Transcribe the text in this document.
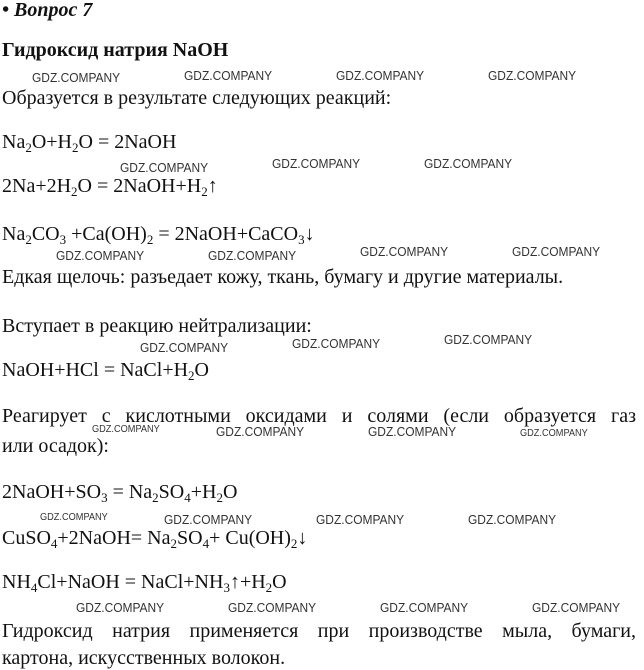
• Вопрос 7
Гидроксид натрия NaOH
Образуется в результате следующих реакций:
$Na_2O+H_2O$ = 2NaOH
$2Na+2H_2O$ = $2NaOH+H_2↑$
$Na_2CO_3 +Ca(OH)_2$ = 2NaOH+CaCO$_3$↓
Едкая щелочь: разъедает кожу, ткань, бумагу и другие материалы.
Вступает в реакцию нейтрализации:
NaOH+HCl = $NaCl+H_2O$
Реагирует с кислотными оксидами и солями (если образуется газ
или осадок):
$2NaOH+SO_3 = Na_2SO_4+H_2O$
CuSO$_4$+2NaOH= $Na_2SO_4+$ $Cu(OH)_2↓$
$NH_4Cl+NaOH$ = $NaCl+NH_3↑+H_2O$
Гидроксид натрия применяется при производстве мыла, бумаги,
картона, искусственных волокон.
GDZ.COMPANY	GDZ.COMPANY	GDZ.COMPANY	GDZ.COMPANY
GDZ.COMPANY	GDZ.COMPANY	GDZ.COMPANY
GDZ.COMPANY	GDZ.COMPANY	GDZ.COMPANY	GDZ.COMPANY
GDZ.COMPANY	GDZ.COMPANY	GDZ.COMPANY
GDZ.COMPANY	GDZ.COMPANY	GDZ.COMPANY	GDZ.COMPANY
GDZ.COMPANY	GDZ.COMPANY	GDZ.COMPANY	GDZ.COMPANY
GDZ.COMPANY	GDZ.COMPANY	GDZ.COMPANY	GDZ.COMPANY
